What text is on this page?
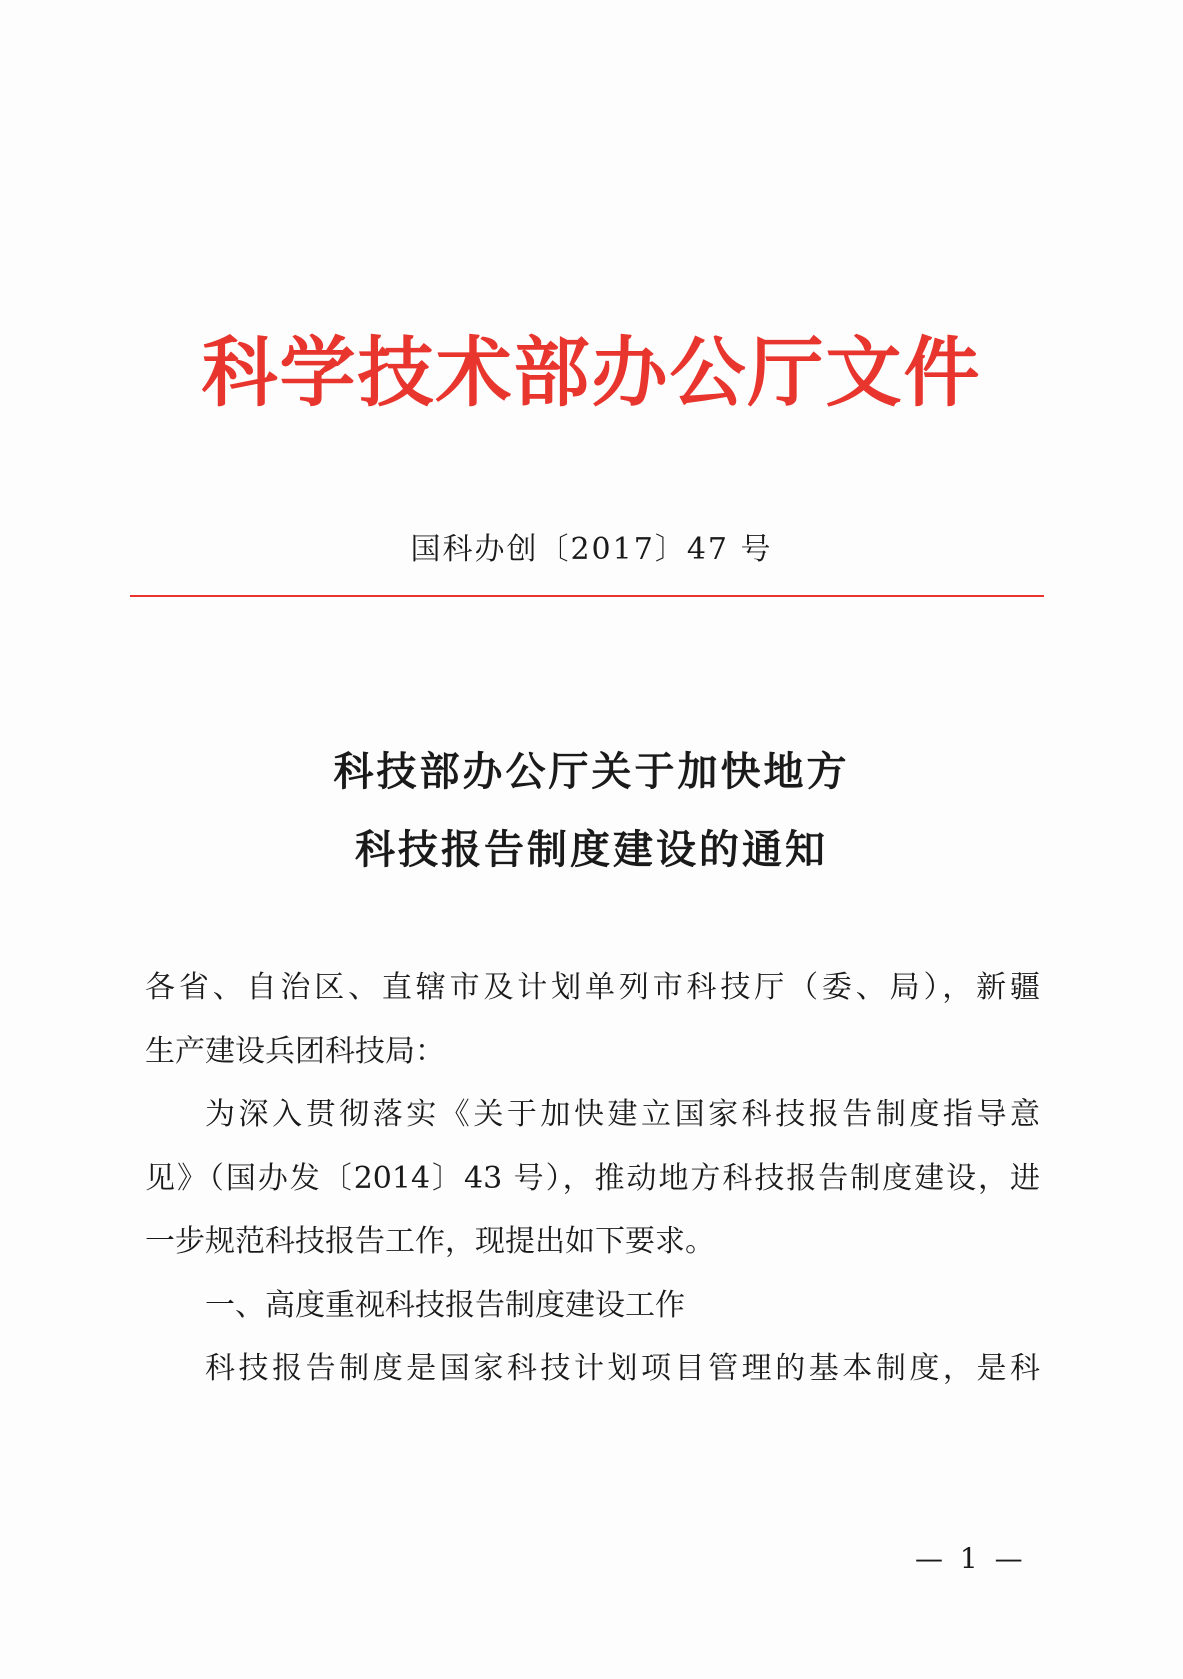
科学技术部办公厅文件
国科办创〔2017〕47 号
科技部办公厅关于加快地方
科技报告制度建设的通知
各省、自治区、直辖市及计划单列市科技厅（委、局），新疆
生产建设兵团科技局：
为深入贯彻落实《关于加快建立国家科技报告制度指导意
见》（国办发〔2014〕43 号），推动地方科技报告制度建设，进
一步规范科技报告工作，现提出如下要求。
一、高度重视科技报告制度建设工作
科技报告制度是国家科技计划项目管理的基本制度，是科
— 1 —
